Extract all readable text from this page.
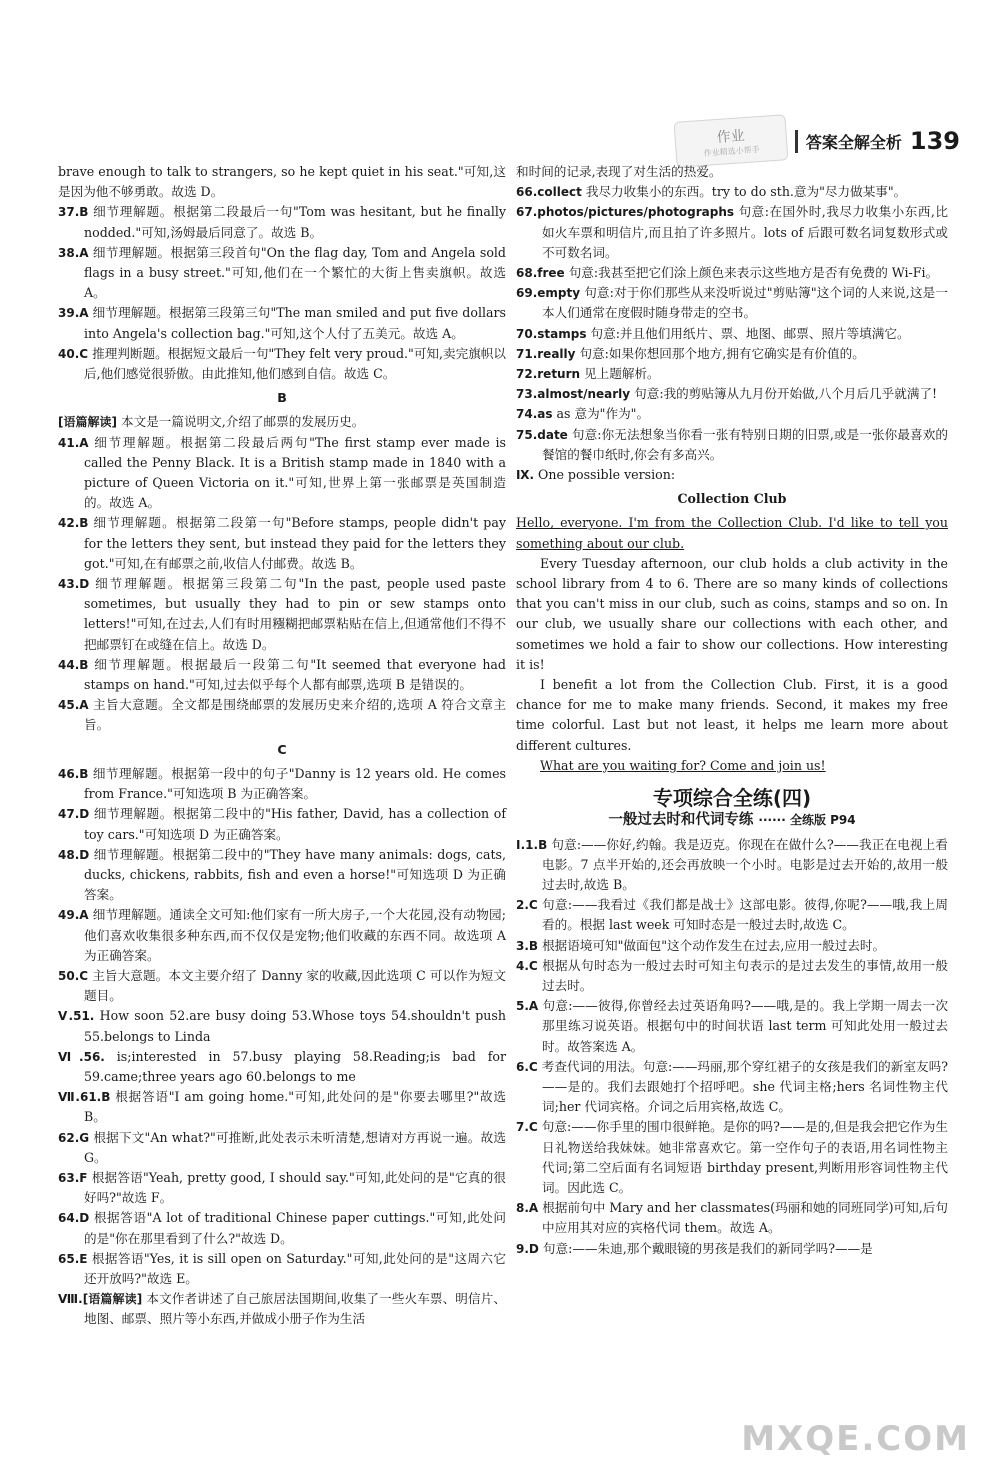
作业
作业精选小帮手	答案全解全析 139
brave enough to talk to strangers, so he kept quiet in his seat."可知,这是因为他不够勇敢。故选 D。
37.B 细节理解题。根据第二段最后一句"Tom was hesitant, but he finally nodded."可知,汤姆最后同意了。故选 B。
38.A 细节理解题。根据第三段首句"On the flag day, Tom and Angela sold flags in a busy street."可知,他们在一个繁忙的大街上售卖旗帜。故选 A。
39.A 细节理解题。根据第三段第三句"The man smiled and put five dollars into Angela's collection bag."可知,这个人付了五美元。故选 A。
40.C 推理判断题。根据短文最后一句"They felt very proud."可知,卖完旗帜以后,他们感觉很骄傲。由此推知,他们感到自信。故选 C。
B
[语篇解读] 本文是一篇说明文,介绍了邮票的发展历史。
41.A 细节理解题。根据第二段最后两句"The first stamp ever made is called the Penny Black. It is a British stamp made in 1840 with a picture of Queen Victoria on it."可知,世界上第一张邮票是英国制造的。故选 A。
42.B 细节理解题。根据第二段第一句"Before stamps, people didn't pay for the letters they sent, but instead they paid for the letters they got."可知,在有邮票之前,收信人付邮费。故选 B。
43.D 细节理解题。根据第三段第二句"In the past, people used paste sometimes, but usually they had to pin or sew stamps onto letters!"可知,在过去,人们有时用糨糊把邮票粘贴在信上,但通常他们不得不把邮票钉在或缝在信上。故选 D。
44.B 细节理解题。根据最后一段第二句"It seemed that everyone had stamps on hand."可知,过去似乎每个人都有邮票,选项 B 是错误的。
45.A 主旨大意题。全文都是围绕邮票的发展历史来介绍的,选项 A 符合文章主旨。
C
46.B 细节理解题。根据第一段中的句子"Danny is 12 years old. He comes from France."可知选项 B 为正确答案。
47.D 细节理解题。根据第二段中的"His father, David, has a collection of toy cars."可知选项 D 为正确答案。
48.D 细节理解题。根据第二段中的"They have many animals: dogs, cats, ducks, chickens, rabbits, fish and even a horse!"可知选项 D 为正确答案。
49.A 细节理解题。通读全文可知:他们家有一所大房子,一个大花园,没有动物园;他们喜欢收集很多种东西,而不仅仅是宠物;他们收藏的东西不同。故选项 A 为正确答案。
50.C 主旨大意题。本文主要介绍了 Danny 家的收藏,因此选项 C 可以作为短文题目。
Ⅴ.51. How soon 52.are busy doing 53.Whose toys 54.shouldn't push 55.belongs to Linda
Ⅵ.56. is;interested in 57.busy playing 58.Reading;is bad for 59.came;three years ago 60.belongs to me
Ⅶ.61.B 根据答语"I am going home."可知,此处问的是"你要去哪里?"故选 B。
62.G 根据下文"An what?"可推断,此处表示未听清楚,想请对方再说一遍。故选 G。
63.F 根据答语"Yeah, pretty good, I should say."可知,此处问的是"它真的很好吗?"故选 F。
64.D 根据答语"A lot of traditional Chinese paper cuttings."可知,此处问的是"你在那里看到了什么?"故选 D。
65.E 根据答语"Yes, it is sill open on Saturday."可知,此处问的是"这周六它还开放吗?"故选 E。
Ⅷ.[语篇解读] 本文作者讲述了自己旅居法国期间,收集了一些火车票、明信片、地图、邮票、照片等小东西,并做成小册子作为生活
和时间的记录,表现了对生活的热爱。
66.collect 我尽力收集小的东西。try to do sth.意为"尽力做某事"。
67.photos/pictures/photographs 句意:在国外时,我尽力收集小东西,比如火车票和明信片,而且拍了许多照片。lots of 后跟可数名词复数形式或不可数名词。
68.free 句意:我甚至把它们涂上颜色来表示这些地方是否有免费的 Wi-Fi。
69.empty 句意:对于你们那些从来没听说过"剪贴簿"这个词的人来说,这是一本人们通常在度假时随身带走的空书。
70.stamps 句意:并且他们用纸片、票、地图、邮票、照片等填满它。
71.really 句意:如果你想回那个地方,拥有它确实是有价值的。
72.return 见上题解析。
73.almost/nearly 句意:我的剪贴簿从九月份开始做,八个月后几乎就满了!
74.as as 意为"作为"。
75.date 句意:你无法想象当你看一张有特别日期的旧票,或是一张你最喜欢的餐馆的餐巾纸时,你会有多高兴。
Ⅸ. One possible version:
Collection Club

Hello, everyone. I'm from the Collection Club. I'd like to tell you something about our club.

Every Tuesday afternoon, our club holds a club activity in the school library from 4 to 6. There are so many kinds of collections that you can't miss in our club, such as coins, stamps and so on. In our club, we usually share our collections with each other, and sometimes we hold a fair to show our collections. How interesting it is!

I benefit a lot from the Collection Club. First, it is a good chance for me to make many friends. Second, it makes my free time colorful. Last but not least, it helps me learn more about different cultures.

What are you waiting for? Come and join us!

专项综合全练(四)
一般过去时和代词专练 ······ 全练版 P94
Ⅰ.1.B 句意:——你好,约翰。我是迈克。你现在在做什么?——我正在电视上看电影。7 点半开始的,还会再放映一个小时。电影是过去开始的,故用一般过去时,故选 B。
2.C 句意:——我看过《我们都是战士》这部电影。彼得,你呢?——哦,我上周看的。根据 last week 可知时态是一般过去时,故选 C。
3.B 根据语境可知"做面包"这个动作发生在过去,应用一般过去时。
4.C 根据从句时态为一般过去时可知主句表示的是过去发生的事情,故用一般过去时。
5.A 句意:——彼得,你曾经去过英语角吗?——哦,是的。我上学期一周去一次那里练习说英语。根据句中的时间状语 last term 可知此处用一般过去时。故答案选 A。
6.C 考查代词的用法。句意:——玛丽,那个穿红裙子的女孩是我们的新室友吗?——是的。我们去跟她打个招呼吧。she 代词主格;hers 名词性物主代词;her 代词宾格。介词之后用宾格,故选 C。
7.C 句意:——你手里的围巾很鲜艳。是你的吗?——是的,但是我会把它作为生日礼物送给我妹妹。她非常喜欢它。第一空作句子的表语,用名词性物主代词;第二空后面有名词短语 birthday present,判断用形容词性物主代词。因此选 C。
8.A 根据前句中 Mary and her classmates(玛丽和她的同班同学)可知,后句中应用其对应的宾格代词 them。故选 A。
9.D 句意:——朱迪,那个戴眼镜的男孩是我们的新同学吗?——是
MXQE.COM
